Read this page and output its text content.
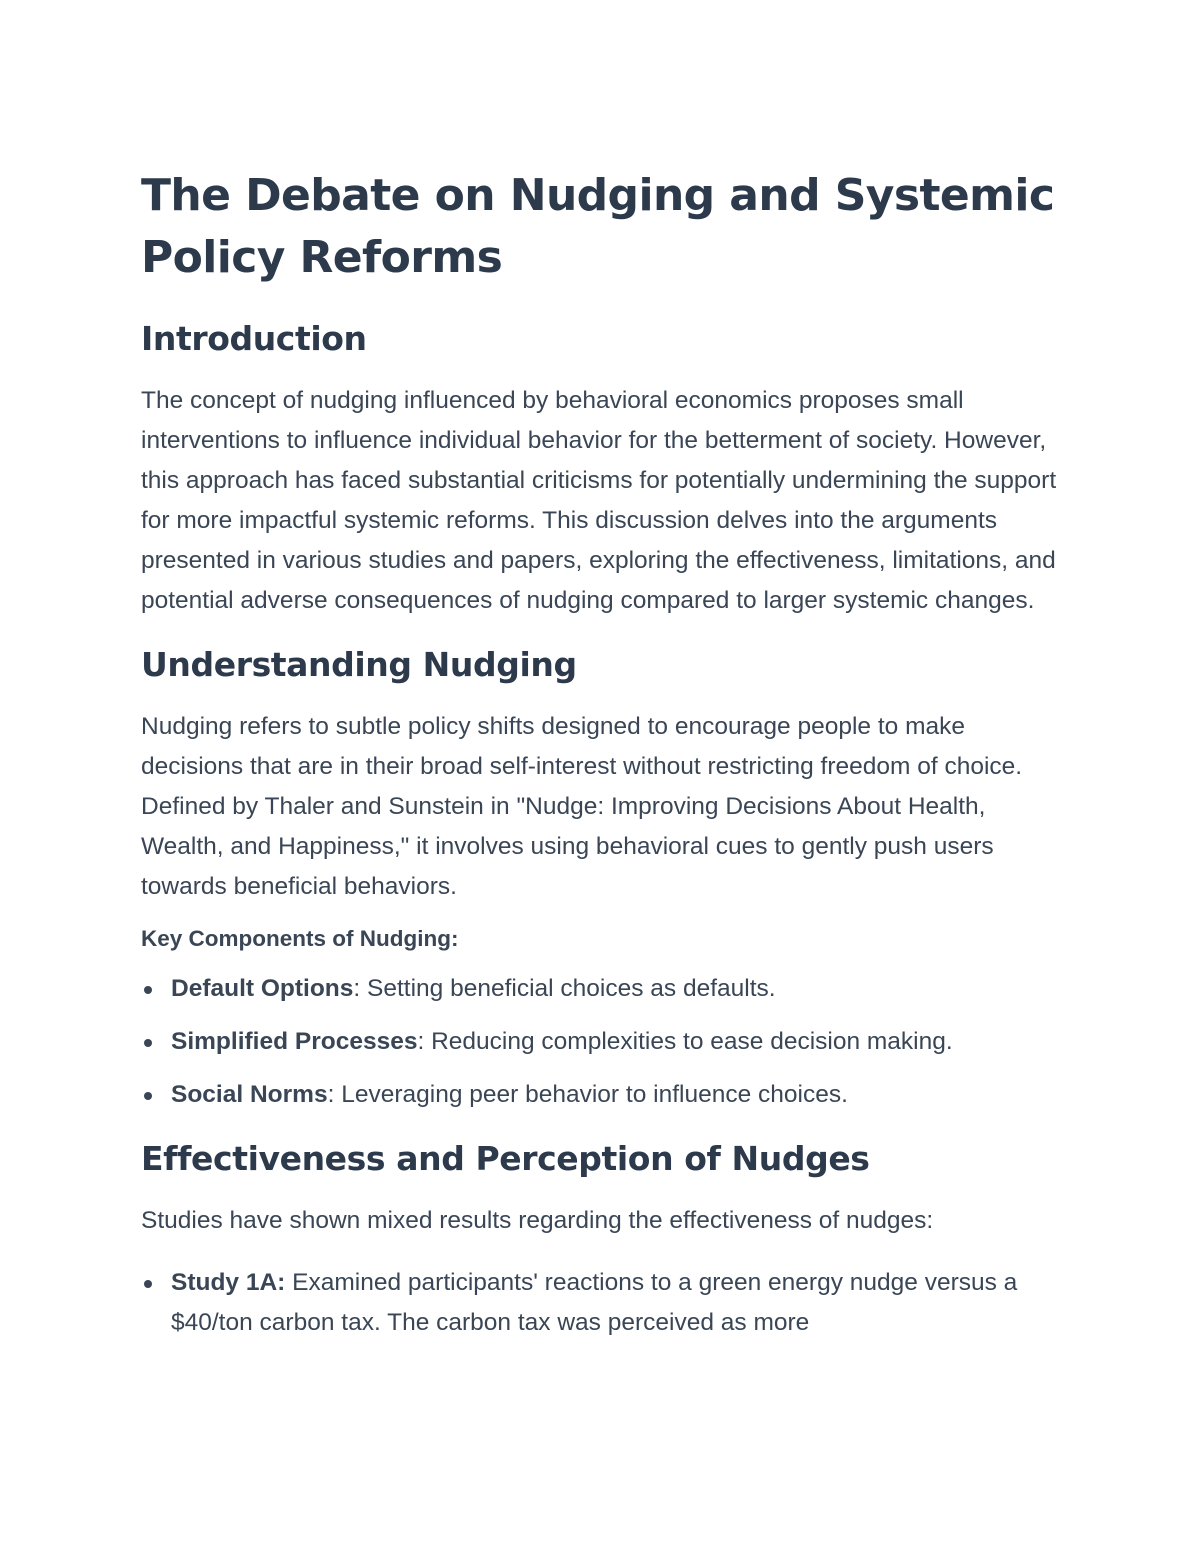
The Debate on Nudging and Systemic Policy Reforms
Introduction

The concept of nudging influenced by behavioral economics proposes small interventions to influence individual behavior for the betterment of society. However, this approach has faced substantial criticisms for potentially undermining the support for more impactful systemic reforms. This discussion delves into the arguments presented in various studies and papers, exploring the effectiveness, limitations, and potential adverse consequences of nudging compared to larger systemic changes.

Understanding Nudging

Nudging refers to subtle policy shifts designed to encourage people to make decisions that are in their broad self-interest without restricting freedom of choice. Defined by Thaler and Sunstein in "Nudge: Improving Decisions About Health, Wealth, and Happiness," it involves using behavioral cues to gently push users towards beneficial behaviors.

Key Components of Nudging:

Default Options: Setting beneficial choices as defaults.
Simplified Processes: Reducing complexities to ease decision making.
Social Norms: Leveraging peer behavior to influence choices.
Effectiveness and Perception of Nudges

Studies have shown mixed results regarding the effectiveness of nudges:

Study 1A: Examined participants' reactions to a green energy nudge versus a $40/ton carbon tax. The carbon tax was perceived as more
